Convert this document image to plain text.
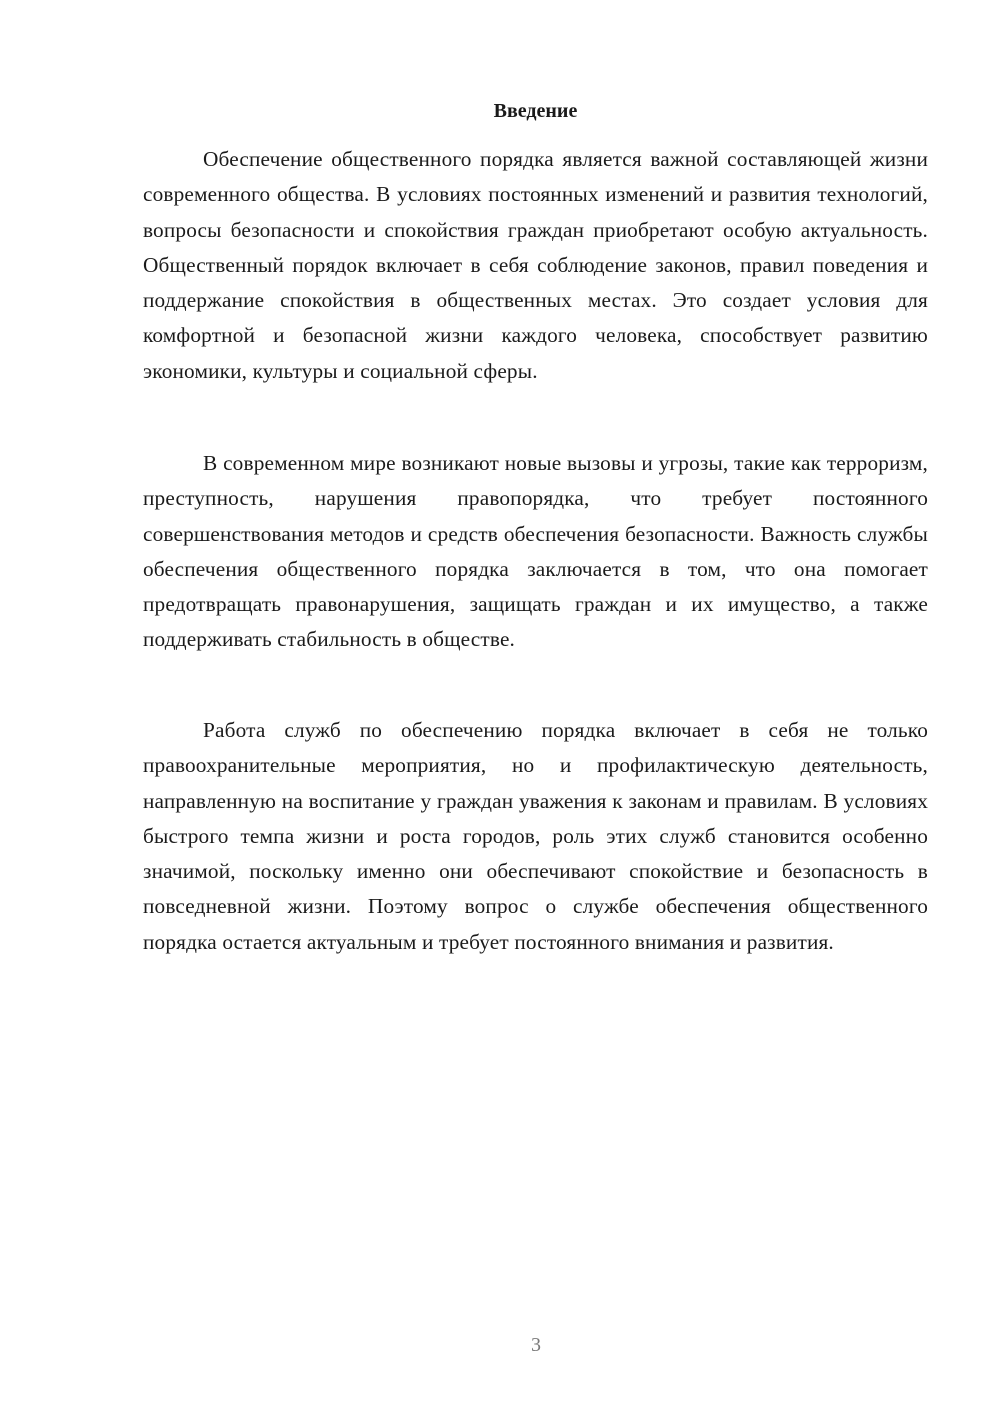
Введение

Обеспечение общественного порядка является важной составляющей жизни современного общества. В условиях постоянных изменений и развития технологий, вопросы безопасности и спокойствия граждан приобретают особую актуальность. Общественный порядок включает в себя соблюдение законов, правил поведения и поддержание спокойствия в общественных местах. Это создает условия для комфортной и безопасной жизни каждого человека, способствует развитию экономики, культуры и социальной сферы.

В современном мире возникают новые вызовы и угрозы, такие как терроризм, преступность, нарушения правопорядка, что требует постоянного совершенствования методов и средств обеспечения безопасности. Важность службы обеспечения общественного порядка заключается в том, что она помогает предотвращать правонарушения, защищать граждан и их имущество, а также поддерживать стабильность в обществе.

Работа служб по обеспечению порядка включает в себя не только правоохранительные мероприятия, но и профилактическую деятельность, направленную на воспитание у граждан уважения к законам и правилам. В условиях быстрого темпа жизни и роста городов, роль этих служб становится особенно значимой, поскольку именно они обеспечивают спокойствие и безопасность в повседневной жизни. Поэтому вопрос о службе обеспечения общественного порядка остается актуальным и требует постоянного внимания и развития.

3
